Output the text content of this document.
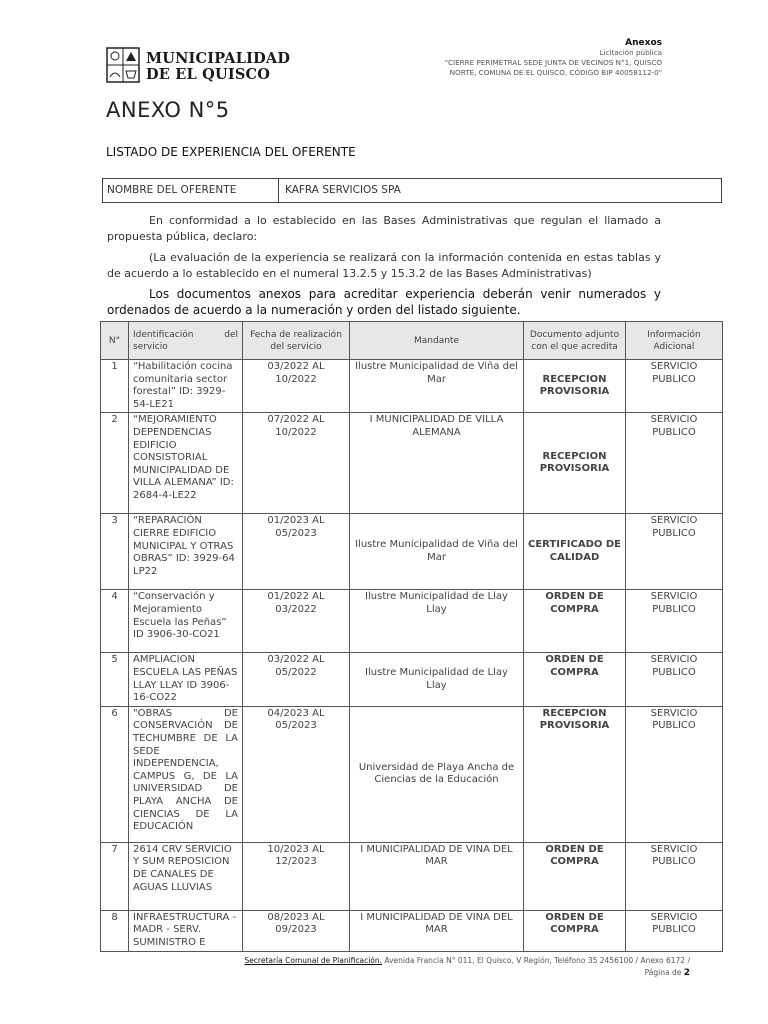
Anexos
Licitación pública
"CIERRE PERIMETRAL SEDE JUNTA DE VECINOS N°1, QUISCO
NORTE, COMUNA DE EL QUISCO, CÓDIGO BIP 40058112-0"
MUNICIPALIDAD
DE EL QUISCO
ANEXO N°5
LISTADO DE EXPERIENCIA DEL OFERENTE
NOMBRE DEL OFERENTE	KAFRA SERVICIOS SPA
En conformidad a lo establecido en las Bases Administrativas que regulan el llamado a propuesta pública, declaro:
(La evaluación de la experiencia se realizará con la información contenida en estas tablas y de acuerdo a lo establecido en el numeral 13.2.5 y 15.3.2 de las Bases Administrativas)
Los documentos anexos para acreditar experiencia deberán venir numerados y ordenados de acuerdo a la numeración y orden del listado siguiente.
N°	Identificación del servicio	Fecha de realización del servicio	Mandante	Documento adjunto con el que acredita	Información Adicional
1	“Habilitación cocina comunitaria sector forestal” ID: 3929-54-LE21	03/2022 AL 10/2022	Ilustre Municipalidad de Viña del Mar	RECEPCION PROVISORIA	SERVICIO PUBLICO
2	“MEJORAMIENTO DEPENDENCIAS EDIFICIO CONSISTORIAL MUNICIPALIDAD DE VILLA ALEMANA” ID: 2684-4-LE22	07/2022 AL 10/2022	I MUNICIPALIDAD DE VILLA ALEMANA	RECEPCION PROVISORIA	SERVICIO PUBLICO
3	“REPARACIÓN CIERRE EDIFICIO MUNICIPAL Y OTRAS OBRAS” ID: 3929-64 LP22	01/2023 AL 05/2023	Ilustre Municipalidad de Viña del Mar	CERTIFICADO DE CALIDAD	SERVICIO PUBLICO
4	“Conservación y Mejoramiento Escuela las Peñas” ID 3906-30-CO21	01/2022 AL 03/2022	Ilustre Municipalidad de Llay Llay	ORDEN DE COMPRA	SERVICIO PUBLICO
5	AMPLIACION ESCUELA LAS PEÑAS LLAY LLAY ID 3906-16-CO22	03/2022 AL 05/2022	Ilustre Municipalidad de Llay Llay	ORDEN DE COMPRA	SERVICIO PUBLICO
6	"OBRAS DE CONSERVACIÓN DE TECHUMBRE DE LA SEDE INDEPENDENCIA, CAMPUS G, DE LA UNIVERSIDAD DE PLAYA ANCHA DE CIENCIAS DE LA EDUCACIÓN	04/2023 AL 05/2023	Universidad de Playa Ancha de Ciencias de la Educación	RECEPCION PROVISORIA	SERVICIO PUBLICO
7	2614 CRV SERVICIO Y SUM REPOSICION DE CANALES DE AGUAS LLUVIAS	10/2023 AL 12/2023	I MUNICIPALIDAD DE VINA DEL MAR	ORDEN DE COMPRA	SERVICIO PUBLICO
8	INFRAESTRUCTURA - MADR - SERV. SUMINISTRO E	08/2023 AL 09/2023	I MUNICIPALIDAD DE VINA DEL MAR	ORDEN DE COMPRA	SERVICIO PUBLICO
Secretaría Comunal de Planificación. Avenida Francia N° 011, El Quisco, V Región, Teléfono 35 2456100 / Anexo 6172 /
Página de 2
